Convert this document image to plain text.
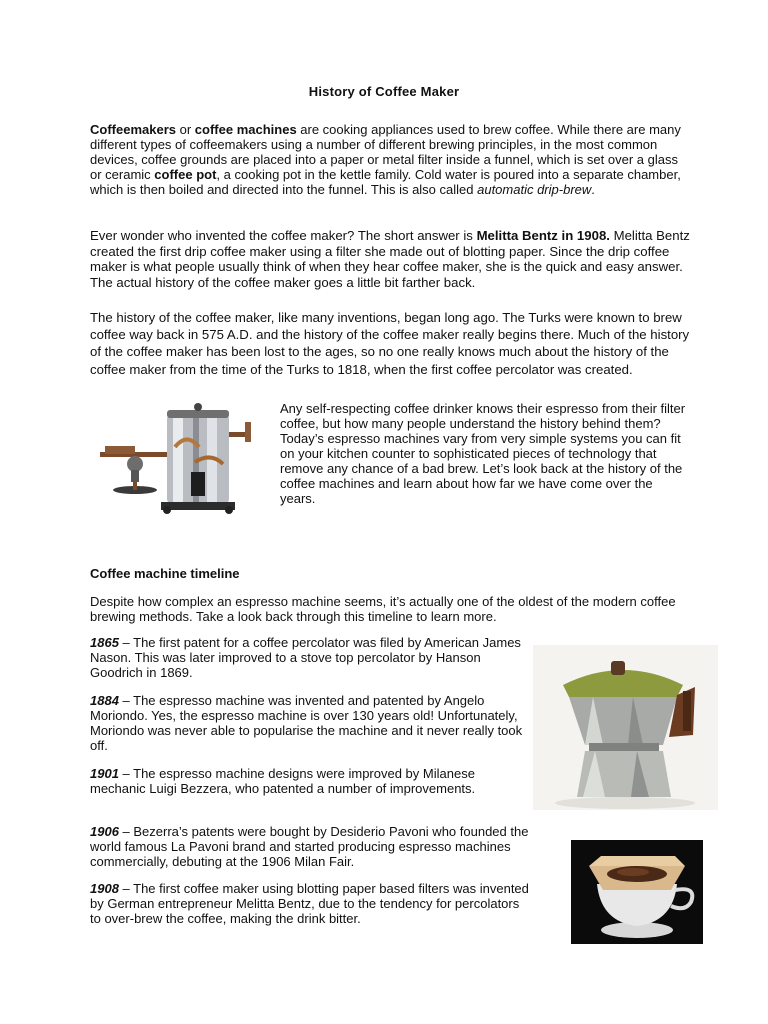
History of Coffee Maker

Coffeemakers or coffee machines are cooking appliances used to brew coffee. While there are many different types of coffeemakers using a number of different brewing principles, in the most common devices, coffee grounds are placed into a paper or metal filter inside a funnel, which is set over a glass or ceramic coffee pot, a cooking pot in the kettle family. Cold water is poured into a separate chamber, which is then boiled and directed into the funnel. This is also called automatic drip-brew.

Ever wonder who invented the coffee maker? The short answer is Melitta Bentz in 1908. Melitta Bentz created the first drip coffee maker using a filter she made out of blotting paper. Since the drip coffee maker is what people usually think of when they hear coffee maker, she is the quick and easy answer. The actual history of the coffee maker goes a little bit farther back.

The history of the coffee maker, like many inventions, began long ago. The Turks were known to brew coffee way back in 575 A.D. and the history of the coffee maker really begins there. Much of the history of the coffee maker has been lost to the ages, so no one really knows much about the history of the coffee maker from the time of the Turks to 1818, when the first coffee percolator was created.

Any self-respecting coffee drinker knows their espresso from their filter coffee, but how many people understand the history behind them? Today’s espresso machines vary from very simple systems you can fit on your kitchen counter to sophisticated pieces of technology that remove any chance of a bad brew. Let’s look back at the history of the coffee machines and learn about how far we have come over the years.

Coffee machine timeline

Despite how complex an espresso machine seems, it’s actually one of the oldest of the modern coffee brewing methods. Take a look back through this timeline to learn more.

1865 – The first patent for a coffee percolator was filed by American James Nason. This was later improved to a stove top percolator by Hanson Goodrich in 1869.

1884 – The espresso machine was invented and patented by Angelo Moriondo. Yes, the espresso machine is over 130 years old! Unfortunately, Moriondo was never able to popularise the machine and it never really took off.

1901 – The espresso machine designs were improved by Milanese mechanic Luigi Bezzera, who patented a number of improvements.

1906 – Bezerra’s patents were bought by Desiderio Pavoni who founded the world famous La Pavoni brand and started producing espresso machines commercially, debuting at the 1906 Milan Fair.

1908 – The first coffee maker using blotting paper based filters was invented by German entrepreneur Melitta Bentz, due to the tendency for percolators to over-brew the coffee, making the drink bitter.
